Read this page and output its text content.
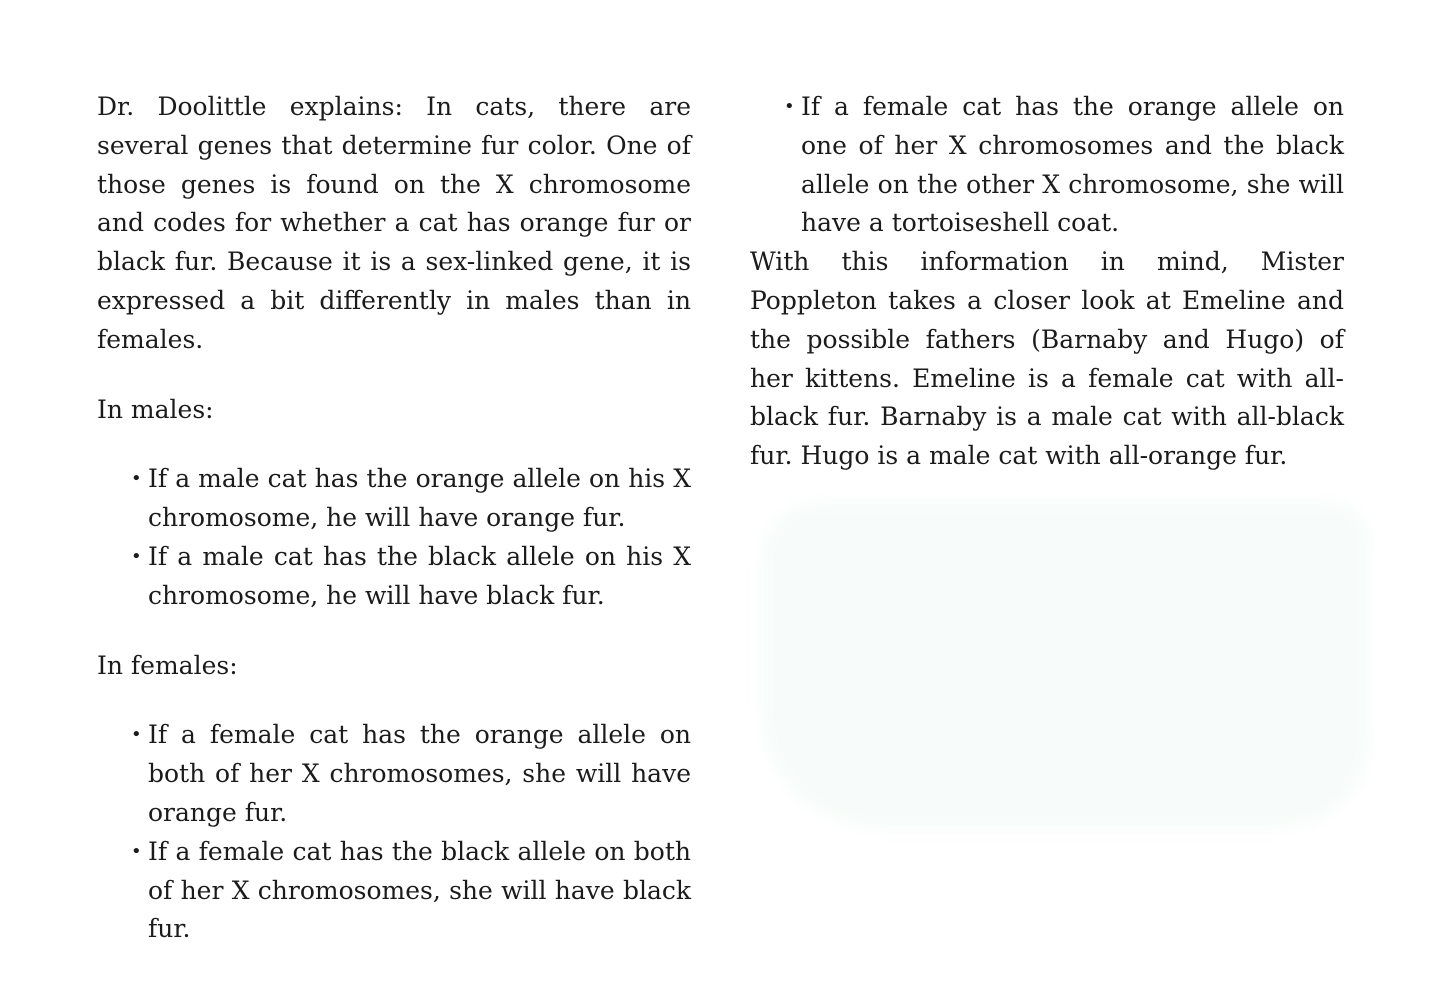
Dr. Doolittle explains: In cats, there are several genes that determine fur color. One of those genes is found on the X chromosome and codes for whether a cat has orange fur or black fur. Because it is a sex-linked gene, it is expressed a bit differently in males than in females.

In males:

• If a male cat has the orange allele on his X chromosome, he will have orange fur.
• If a male cat has the black allele on his X chromosome, he will have black fur.

In females:

• If a female cat has the orange allele on both of her X chromosomes, she will have orange fur.
• If a female cat has the black allele on both of her X chromosomes, she will have black fur.
• If a female cat has the orange allele on one of her X chromosomes and the black allele on the other X chromosome, she will have a tortoiseshell coat.

With this information in mind, Mister Poppleton takes a closer look at Emeline and the possible fathers (Barnaby and Hugo) of her kittens. Emeline is a female cat with all-black fur. Barnaby is a male cat with all-black fur. Hugo is a male cat with all-orange fur.
